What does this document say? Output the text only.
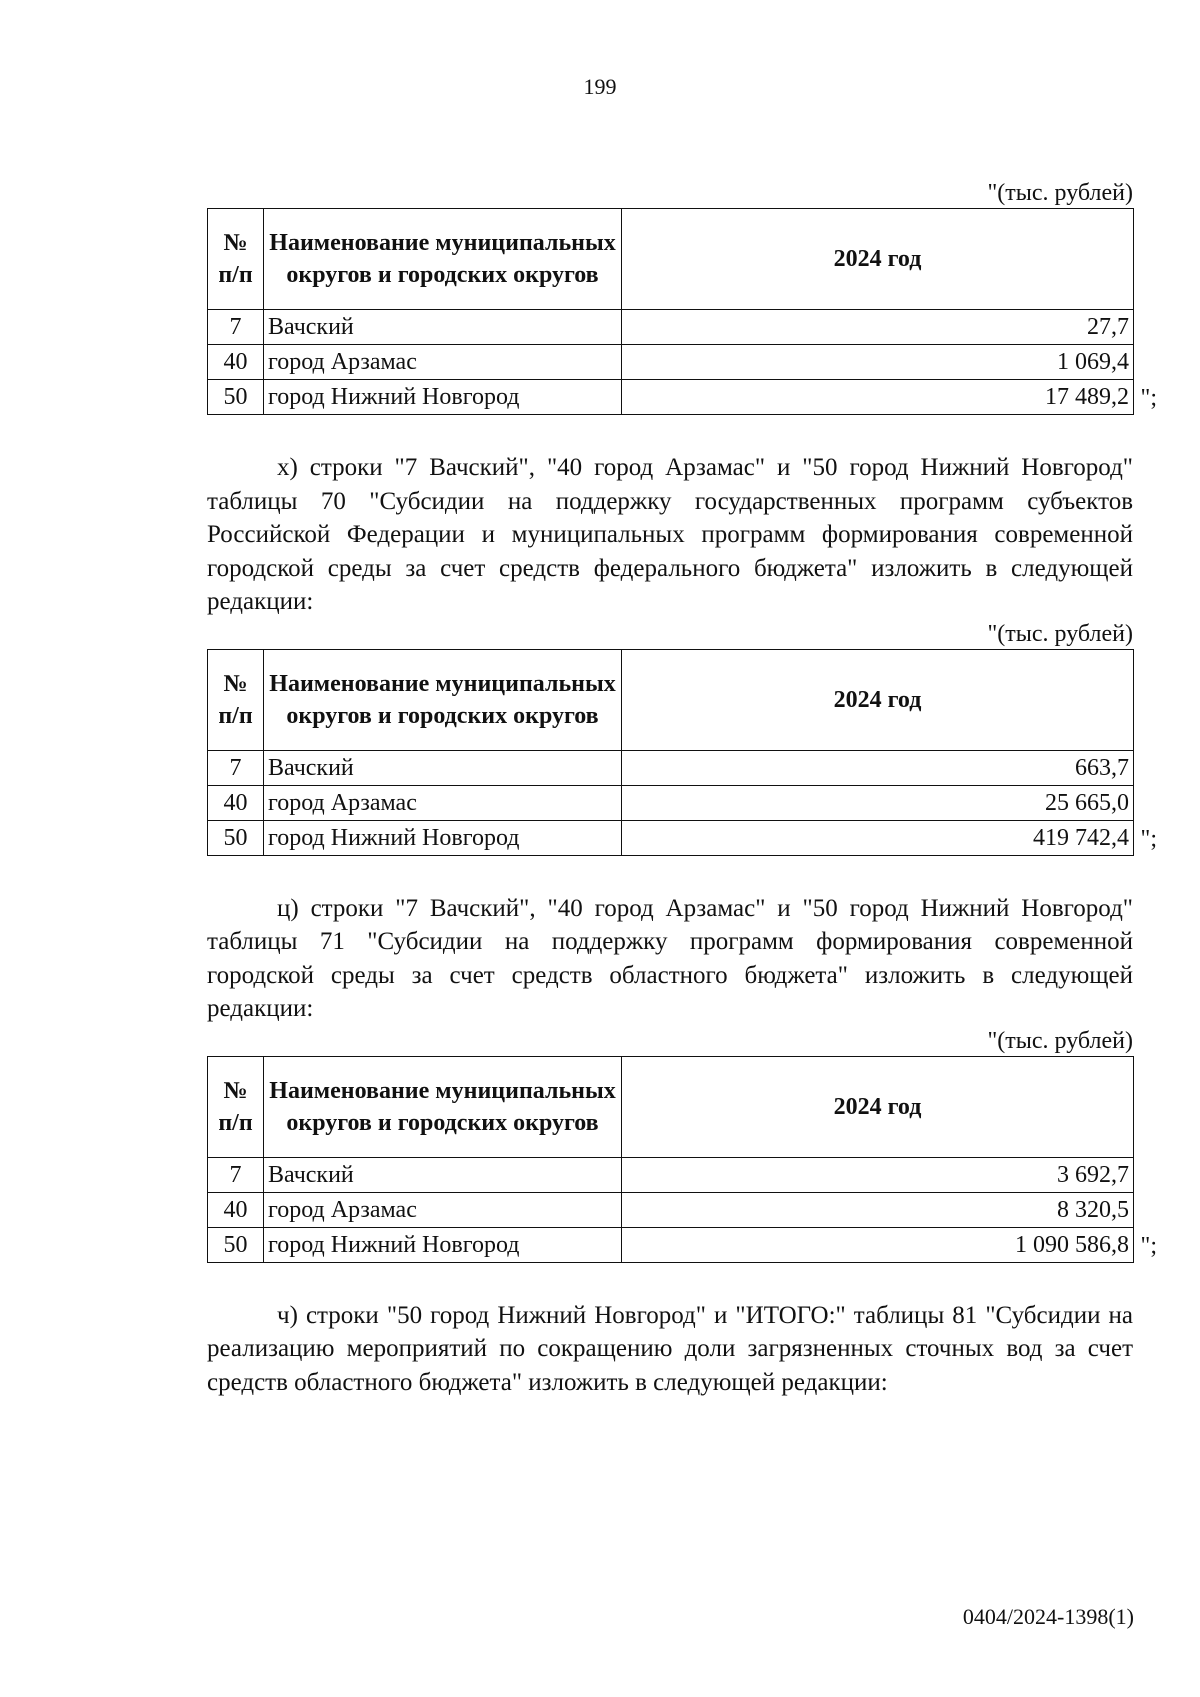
199
"(тыс. рублей)
№ п/п	Наименование муниципальных округов и городских округов	2024 год
7	Вачский	27,7
40	город Арзамас	1 069,4
50	город Нижний Новгород	17 489,2 ";

х) строки "7 Вачский", "40 город Арзамас" и "50 город Нижний Новгород" таблицы 70 "Субсидии на поддержку государственных программ субъектов Российской Федерации и муниципальных программ формирования современной городской среды за счет средств федерального бюджета" изложить в следующей редакции:

"(тыс. рублей)
№ п/п	Наименование муниципальных округов и городских округов	2024 год
7	Вачский	663,7
40	город Арзамас	25 665,0
50	город Нижний Новгород	419 742,4 ";

ц) строки "7 Вачский", "40 город Арзамас" и "50 город Нижний Новгород" таблицы 71 "Субсидии на поддержку программ формирования современной городской среды за счет средств областного бюджета" изложить в следующей редакции:

"(тыс. рублей)
№ п/п	Наименование муниципальных округов и городских округов	2024 год
7	Вачский	3 692,7
40	город Арзамас	8 320,5
50	город Нижний Новгород	1 090 586,8 ";

ч) строки "50 город Нижний Новгород" и "ИТОГО:" таблицы 81 "Субсидии на реализацию мероприятий по сокращению доли загрязненных сточных вод за счет средств областного бюджета" изложить в следующей редакции:

0404/2024-1398(1)
